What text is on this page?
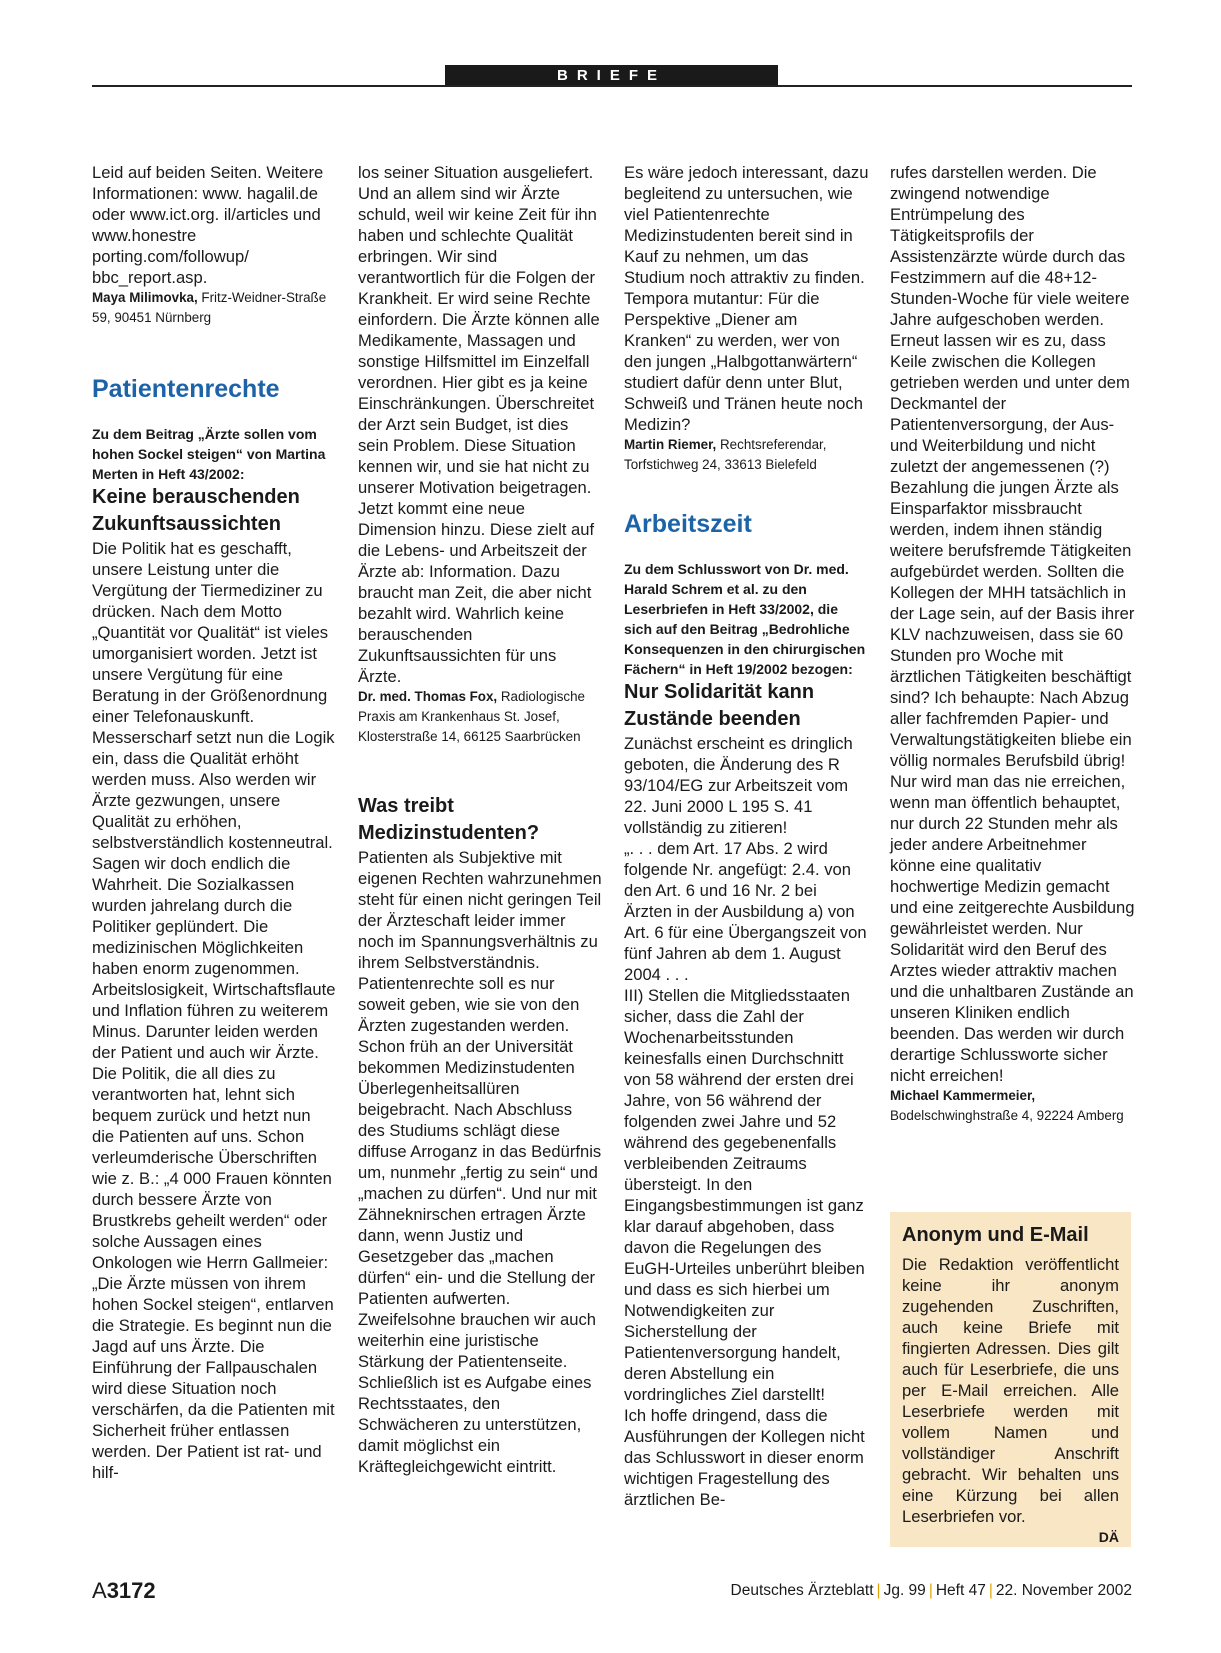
BRIEFE

Leid auf beiden Seiten. Weitere Informationen: www. hagalil.de oder www.ict.org. il/articles und www.honestre porting.com/followup/ bbc_report.asp.

Maya Milimovka, Fritz-Weidner-Straße 59, 90451 Nürnberg

Patientenrechte

Zu dem Beitrag „Ärzte sollen vom hohen Sockel steigen“ von Martina Merten in Heft 43/2002:

Keine berauschenden Zukunftsaussichten

Die Politik hat es geschafft, unsere Leistung unter die Vergütung der Tiermediziner zu drücken. Nach dem Motto „Quantität vor Qualität“ ist vieles umorganisiert worden. Jetzt ist unsere Vergütung für eine Beratung in der Größenordnung einer Telefonauskunft. Messerscharf setzt nun die Logik ein, dass die Qualität erhöht werden muss. Also werden wir Ärzte gezwungen, unsere Qualität zu erhöhen, selbstverständlich kostenneutral.

Sagen wir doch endlich die Wahrheit. Die Sozialkassen wurden jahrelang durch die Politiker geplündert. Die medizinischen Möglichkeiten haben enorm zugenommen. Arbeitslosigkeit, Wirtschaftsflaute und Inflation führen zu weiterem Minus. Darunter leiden werden der Patient und auch wir Ärzte. Die Politik, die all dies zu verantworten hat, lehnt sich bequem zurück und hetzt nun die Patienten auf uns. Schon verleumderische Überschriften wie z. B.: „4 000 Frauen könnten durch bessere Ärzte von Brustkrebs geheilt werden“ oder solche Aussagen eines Onkologen wie Herrn Gallmeier: „Die Ärzte müssen von ihrem hohen Sockel steigen“, entlarven die Strategie. Es beginnt nun die Jagd auf uns Ärzte. Die Einführung der Fallpauschalen wird diese Situation noch verschärfen, da die Patienten mit Sicherheit früher entlassen werden. Der Patient ist rat- und hilf-

los seiner Situation ausgeliefert. Und an allem sind wir Ärzte schuld, weil wir keine Zeit für ihn haben und schlechte Qualität erbringen. Wir sind verantwortlich für die Folgen der Krankheit. Er wird seine Rechte einfordern. Die Ärzte können alle Medikamente, Massagen und sonstige Hilfsmittel im Einzelfall verordnen. Hier gibt es ja keine Einschränkungen. Überschreitet der Arzt sein Budget, ist dies sein Problem. Diese Situation kennen wir, und sie hat nicht zu unserer Motivation beigetragen. Jetzt kommt eine neue Dimension hinzu. Diese zielt auf die Lebens- und Arbeitszeit der Ärzte ab: Information. Dazu braucht man Zeit, die aber nicht bezahlt wird. Wahrlich keine berauschenden Zukunftsaussichten für uns Ärzte.

Dr. med. Thomas Fox, Radiologische Praxis am Krankenhaus St. Josef, Klosterstraße 14, 66125 Saarbrücken

Was treibt Medizinstudenten?

Patienten als Subjektive mit eigenen Rechten wahrzunehmen steht für einen nicht geringen Teil der Ärzteschaft leider immer noch im Spannungsverhältnis zu ihrem Selbstverständnis. Patientenrechte soll es nur soweit geben, wie sie von den Ärzten zugestanden werden. Schon früh an der Universität bekommen Medizinstudenten Überlegenheitsallüren beigebracht. Nach Abschluss des Studiums schlägt diese diffuse Arroganz in das Bedürfnis um, nunmehr „fertig zu sein“ und „machen zu dürfen“. Und nur mit Zähneknirschen ertragen Ärzte dann, wenn Justiz und Gesetzgeber das „machen dürfen“ ein- und die Stellung der Patienten aufwerten.

Zweifelsohne brauchen wir auch weiterhin eine juristische Stärkung der Patientenseite. Schließlich ist es Aufgabe eines Rechtsstaates, den Schwächeren zu unterstützen, damit möglichst ein Kräftegleichgewicht eintritt.

Es wäre jedoch interessant, dazu begleitend zu untersuchen, wie viel Patientenrechte Medizinstudenten bereit sind in Kauf zu nehmen, um das Studium noch attraktiv zu finden. Tempora mutantur: Für die Perspektive „Diener am Kranken“ zu werden, wer von den jungen „Halbgottanwärtern“ studiert dafür denn unter Blut, Schweiß und Tränen heute noch Medizin?

Martin Riemer, Rechtsreferendar, Torfstichweg 24, 33613 Bielefeld

Arbeitszeit

Zu dem Schlusswort von Dr. med. Harald Schrem et al. zu den Leserbriefen in Heft 33/2002, die sich auf den Beitrag „Bedrohliche Konsequenzen in den chirurgischen Fächern“ in Heft 19/2002 bezogen:

Nur Solidarität kann Zustände beenden

Zunächst erscheint es dringlich geboten, die Änderung des R 93/104/EG zur Arbeitszeit vom 22. Juni 2000 L 195 S. 41 vollständig zu zitieren!

„. . . dem Art. 17 Abs. 2 wird folgende Nr. angefügt: 2.4. von den Art. 6 und 16 Nr. 2 bei Ärzten in der Ausbildung a) von Art. 6 für eine Übergangszeit von fünf Jahren ab dem 1. August 2004 . . .

III) Stellen die Mitgliedsstaaten sicher, dass die Zahl der Wochenarbeitsstunden keinesfalls einen Durchschnitt von 58 während der ersten drei Jahre, von 56 während der folgenden zwei Jahre und 52 während des gegebenenfalls verbleibenden Zeitraums übersteigt. In den Eingangsbestimmungen ist ganz klar darauf abgehoben, dass davon die Regelungen des EuGH-Urteiles unberührt bleiben und dass es sich hierbei um Notwendigkeiten zur Sicherstellung der Patientenversorgung handelt, deren Abstellung ein vordringliches Ziel darstellt!

Ich hoffe dringend, dass die Ausführungen der Kollegen nicht das Schlusswort in dieser enorm wichtigen Fragestellung des ärztlichen Be-

rufes darstellen werden. Die zwingend notwendige Entrümpelung des Tätigkeitsprofils der Assistenzärzte würde durch das Festzimmern auf die 48+12-Stunden-Woche für viele weitere Jahre aufgeschoben werden. Erneut lassen wir es zu, dass Keile zwischen die Kollegen getrieben werden und unter dem Deckmantel der Patientenversorgung, der Aus- und Weiterbildung und nicht zuletzt der angemessenen (?) Bezahlung die jungen Ärzte als Einsparfaktor missbraucht werden, indem ihnen ständig weitere berufsfremde Tätigkeiten aufgebürdet werden. Sollten die Kollegen der MHH tatsächlich in der Lage sein, auf der Basis ihrer KLV nachzuweisen, dass sie 60 Stunden pro Woche mit ärztlichen Tätigkeiten beschäftigt sind? Ich behaupte: Nach Abzug aller fachfremden Papier- und Verwaltungstätigkeiten bliebe ein völlig normales Berufsbild übrig! Nur wird man das nie erreichen, wenn man öffentlich behauptet, nur durch 22 Stunden mehr als jeder andere Arbeitnehmer könne eine qualitativ hochwertige Medizin gemacht und eine zeitgerechte Ausbildung gewährleistet werden. Nur Solidarität wird den Beruf des Arztes wieder attraktiv machen und die unhaltbaren Zustände an unseren Kliniken endlich beenden. Das werden wir durch derartige Schlussworte sicher nicht erreichen!

Michael Kammermeier, Bodelschwinghstraße 4, 92224 Amberg

Anonym und E-Mail

Die Redaktion veröffentlicht keine ihr anonym zugehenden Zuschriften, auch keine Briefe mit fingierten Adressen. Dies gilt auch für Leserbriefe, die uns per E-Mail erreichen. Alle Leserbriefe werden mit vollem Namen und vollständiger Anschrift gebracht. Wir behalten uns eine Kürzung bei allen Leserbriefen vor.

DÄ

A3172	Deutsches Ärzteblatt | Jg. 99 | Heft 47 | 22. November 2002
